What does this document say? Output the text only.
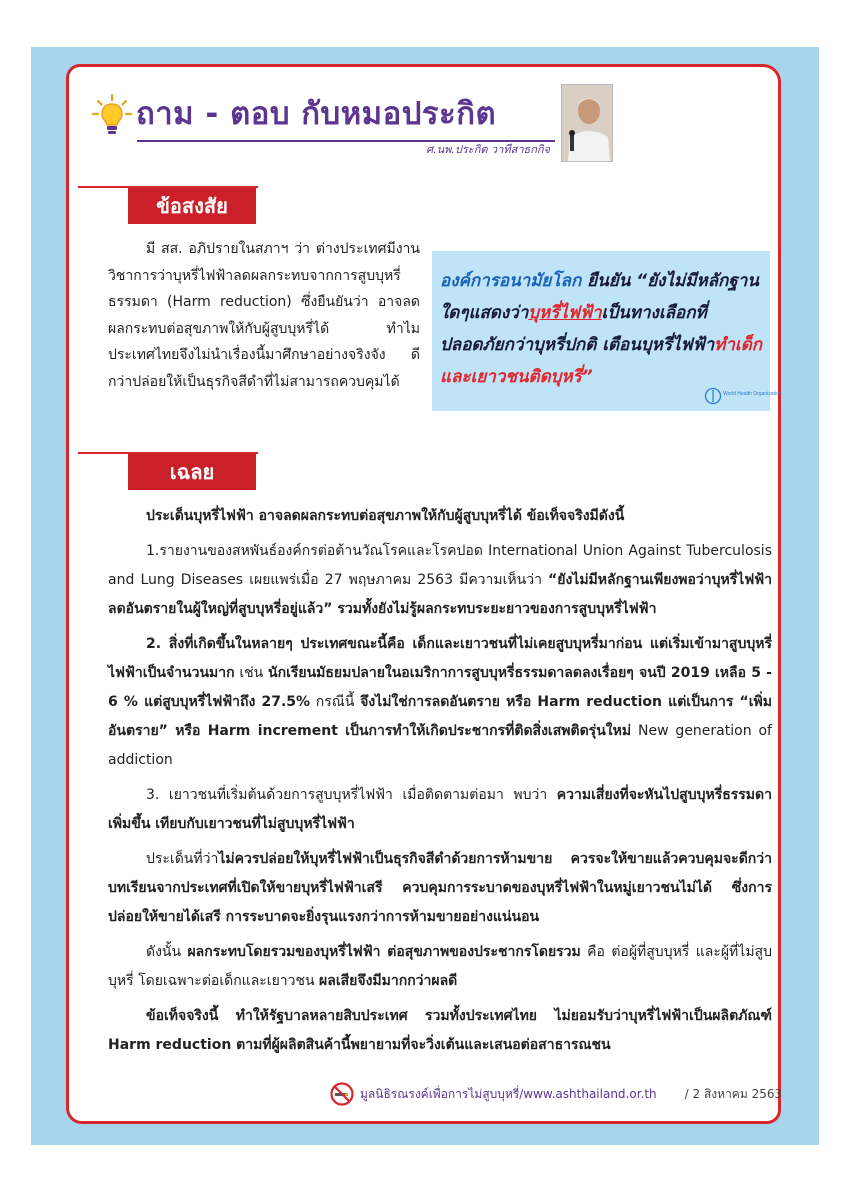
ถาม - ตอบ กับหมอประกิต
ศ.นพ.ประกิต วาทีสาธกกิจ
ข้อสงสัย

มี สส. อภิปรายในสภาฯ ว่า ต่างประเทศมีงานวิชาการว่าบุหรี่ไฟฟ้าลดผลกระทบจากการสูบบุหรี่ธรรมดา (Harm reduction) ซึ่งยืนยันว่า อาจลดผลกระทบต่อสุขภาพให้กับผู้สูบบุหรี่ได้ ทำไมประเทศไทยจึงไม่นำเรื่องนี้มาศึกษาอย่างจริงจัง ดีกว่าปล่อยให้เป็นธุรกิจสีดำที่ไม่สามารถควบคุมได้

องค์การอนามัยโลก ยืนยัน “ยังไม่มีหลักฐานใดๆแสดงว่าบุหรี่ไฟฟ้าเป็นทางเลือกที่ปลอดภัยกว่าบุหรี่ปกติ เตือนบุหรี่ไฟฟ้าทำเด็กและเยาวชนติดบุหรี่”
World Health Organization
เฉลย

ประเด็นบุหรี่ไฟฟ้า อาจลดผลกระทบต่อสุขภาพให้กับผู้สูบบุหรี่ได้ ข้อเท็จจริงมีดังนี้

1.รายงานของสหพันธ์องค์กรต่อต้านวัณโรคและโรคปอด International Union Against Tuberculosis and Lung Diseases เผยแพร่เมื่อ 27 พฤษภาคม 2563 มีความเห็นว่า “ยังไม่มีหลักฐานเพียงพอว่าบุหรี่ไฟฟ้าลดอันตรายในผู้ใหญ่ที่สูบบุหรี่อยู่แล้ว” รวมทั้งยังไม่รู้ผลกระทบระยะยาวของการสูบบุหรี่ไฟฟ้า

2. สิ่งที่เกิดขึ้นในหลายๆ ประเทศขณะนี้คือ เด็กและเยาวชนที่ไม่เคยสูบบุหรี่มาก่อน แต่เริ่มเข้ามาสูบบุหรี่ไฟฟ้าเป็นจำนวนมาก เช่น นักเรียนมัธยมปลายในอเมริกาการสูบบุหรี่ธรรมดาลดลงเรื่อยๆ จนปี 2019 เหลือ 5 - 6 % แต่สูบบุหรี่ไฟฟ้าถึง 27.5% กรณีนี้ จึงไม่ใช่การลดอันตราย หรือ Harm reduction แต่เป็นการ “เพิ่มอันตราย” หรือ Harm increment เป็นการทำให้เกิดประชากรที่ติดสิ่งเสพติดรุ่นใหม่ New generation of addiction

3. เยาวชนที่เริ่มต้นด้วยการสูบบุหรี่ไฟฟ้า เมื่อติดตามต่อมา พบว่า ความเสี่ยงที่จะหันไปสูบบุหรี่ธรรมดาเพิ่มขึ้น เทียบกับเยาวชนที่ไม่สูบบุหรี่ไฟฟ้า

ประเด็นที่ว่าไม่ควรปล่อยให้บุหรี่ไฟฟ้าเป็นธุรกิจสีดำด้วยการห้ามขาย ควรจะให้ขายแล้วควบคุมจะดีกว่า บทเรียนจากประเทศที่เปิดให้ขายบุหรี่ไฟฟ้าเสรี ควบคุมการระบาดของบุหรี่ไฟฟ้าในหมู่เยาวชนไม่ได้ ซึ่งการปล่อยให้ขายได้เสรี การระบาดจะยิ่งรุนแรงกว่าการห้ามขายอย่างแน่นอน

ดังนั้น ผลกระทบโดยรวมของบุหรี่ไฟฟ้า ต่อสุขภาพของประชากรโดยรวม คือ ต่อผู้ที่สูบบุหรี่ และผู้ที่ไม่สูบบุหรี่ โดยเฉพาะต่อเด็กและเยาวชน ผลเสียจึงมีมากกว่าผลดี

ข้อเท็จจริงนี้ ทำให้รัฐบาลหลายสิบประเทศ รวมทั้งประเทศไทย ไม่ยอมรับว่าบุหรี่ไฟฟ้าเป็นผลิตภัณฑ์ Harm reduction ตามที่ผู้ผลิตสินค้านี้พยายามที่จะวิ่งเต้นและเสนอต่อสาธารณชน

มูลนิธิรณรงค์เพื่อการไม่สูบบุหรี่/www.ashthailand.or.th / 2 สิงหาคม 2563
